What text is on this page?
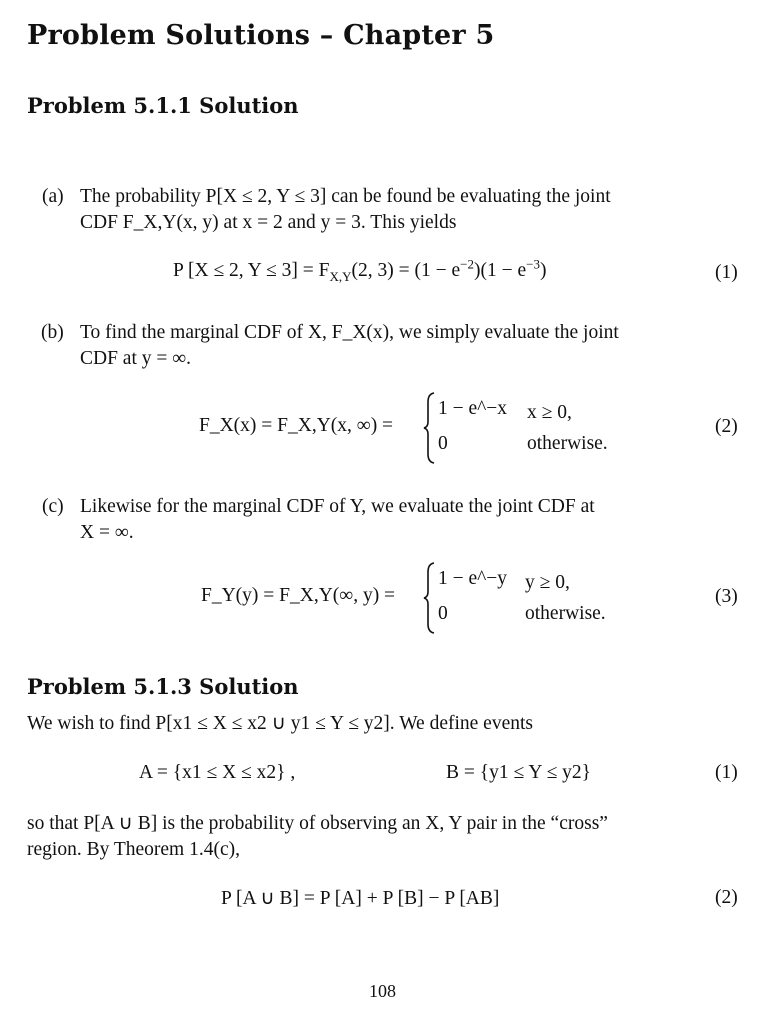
Problem Solutions – Chapter 5
Problem 5.1.1 Solution
(a) The probability P[X ≤ 2, Y ≤ 3] can be found be evaluating the joint
CDF F_X,Y(x, y) at x = 2 and y = 3. This yields
P [X ≤ 2, $Y \le 3] = F_{X,Y}(2$, $3) = (1 - e^{-2})(1 - e^{-3})$	(1)
(b) To find the marginal CDF of X, F_X(x), we simply evaluate the joint
CDF at y = ∞.
F_X(x) = F_X,Y(x, ∞) =
1 − e^−x x ≥ 0,
0	otherwise.
(2)
(c) Likewise for the marginal CDF of Y, we evaluate the joint CDF at
X = ∞.
F_Y(y) = F_X,Y(∞, y) =
1 − e^−y y ≥ 0,
0	otherwise.
(3)
Problem 5.1.3 Solution
We wish to find P[x1 ≤ X ≤ x2 ∪ y1 ≤ Y ≤ y2]. We define events
A = {x1 ≤ X ≤ x2} ,	B = {y1 ≤ Y ≤ y2}	(1)
so that P[A ∪ B] is the probability of observing an X, Y pair in the “cross”
region. By Theorem 1.4(c),
P [A ∪ B] = P [A] + P [B] − P [AB]	(2)
108
